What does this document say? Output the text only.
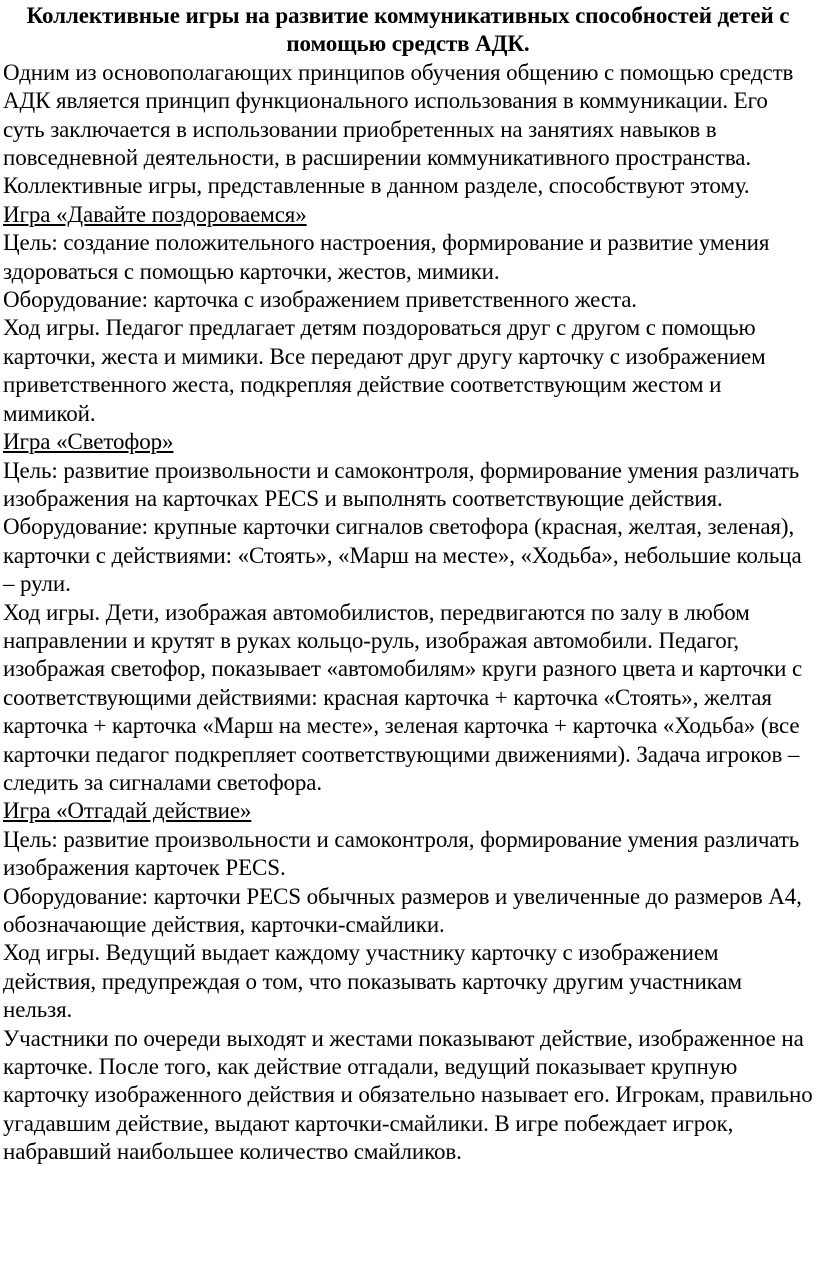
Коллективные игры на развитие коммуникативных способностей детей с помощью средств АДК.

Одним из основополагающих принципов обучения общению с помощью средств АДК является принцип функционального использования в коммуникации. Его суть заключается в использовании приобретенных на занятиях навыков в повседневной деятельности, в расширении коммуникативного пространства. Коллективные игры, представленные в данном разделе, способствуют этому.

Игра «Давайте поздороваемся»

Цель: создание положительного настроения, формирование и развитие умения здороваться с помощью карточки, жестов, мимики.

Оборудование: карточка с изображением приветственного жеста.

Ход игры. Педагог предлагает детям поздороваться друг с другом с помощью карточки, жеста и мимики. Все передают друг другу карточку с изображением приветственного жеста, подкрепляя действие соответствующим жестом и мимикой.

Игра «Светофор»

Цель: развитие произвольности и самоконтроля, формирование умения различать изображения на карточках PECS и выполнять соответствующие действия.

Оборудование: крупные карточки сигналов светофора (красная, желтая, зеленая), карточки с действиями: «Стоять», «Марш на месте», «Ходьба», небольшие кольца – рули.

Ход игры. Дети, изображая автомобилистов, передвигаются по залу в любом направлении и крутят в руках кольцо-руль, изображая автомобили. Педагог, изображая светофор, показывает «автомобилям» круги разного цвета и карточки с соответствующими действиями: красная карточка + карточка «Стоять», желтая карточка + карточка «Марш на месте», зеленая карточка + карточка «Ходьба» (все карточки педагог подкрепляет соответствующими движениями). Задача игроков – следить за сигналами светофора.

Игра «Отгадай действие»

Цель: развитие произвольности и самоконтроля, формирование умения различать изображения карточек PECS.

Оборудование: карточки PECS обычных размеров и увеличенные до размеров А4, обозначающие действия, карточки-смайлики.

Ход игры. Ведущий выдает каждому участнику карточку с изображением действия, предупреждая о том, что показывать карточку другим участникам нельзя.

Участники по очереди выходят и жестами показывают действие, изображенное на карточке. После того, как действие отгадали, ведущий показывает крупную карточку изображенного действия и обязательно называет его. Игрокам, правильно угадавшим действие, выдают карточки-смайлики. В игре побеждает игрок, набравший наибольшее количество смайликов.
